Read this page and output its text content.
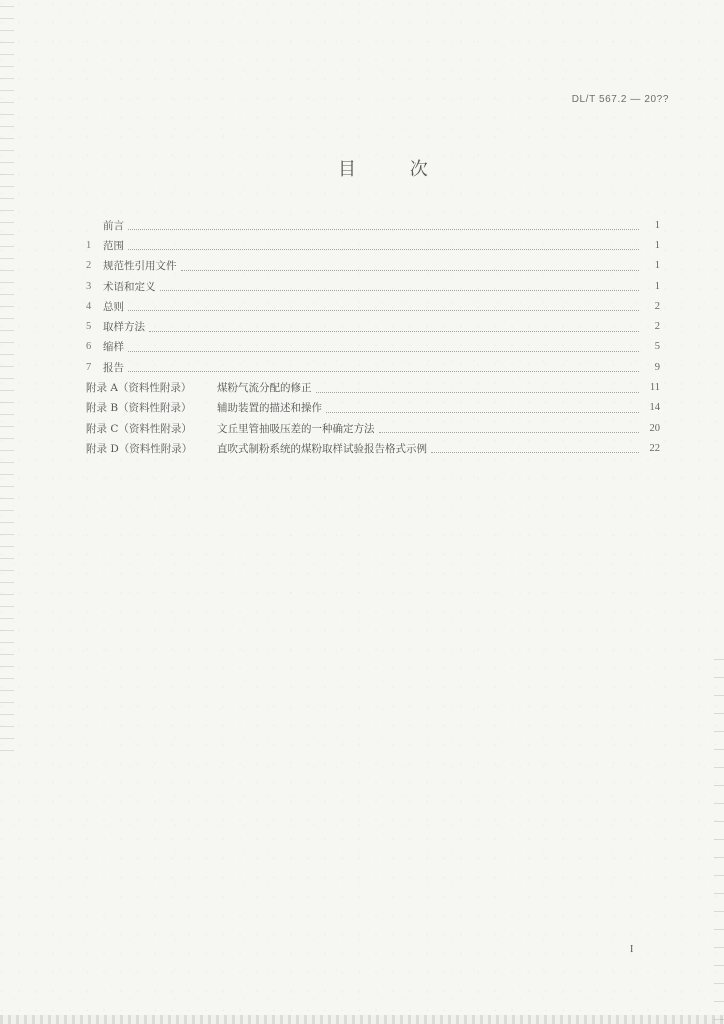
DL/T 567.2 — 20??
目 次
前言	1
1	范围	1
2	规范性引用文件	1
3	术语和定义	1
4	总则	2
5	取样方法	2
6	缩样	5
7	报告	9
附录 A（资料性附录）	煤粉气流分配的修正	11
附录 B（资料性附录）	辅助装置的描述和操作	14
附录 C（资料性附录）	文丘里管抽吸压差的一种确定方法	20
附录 D（资料性附录）	直吹式制粉系统的煤粉取样试验报告格式示例	22
I
